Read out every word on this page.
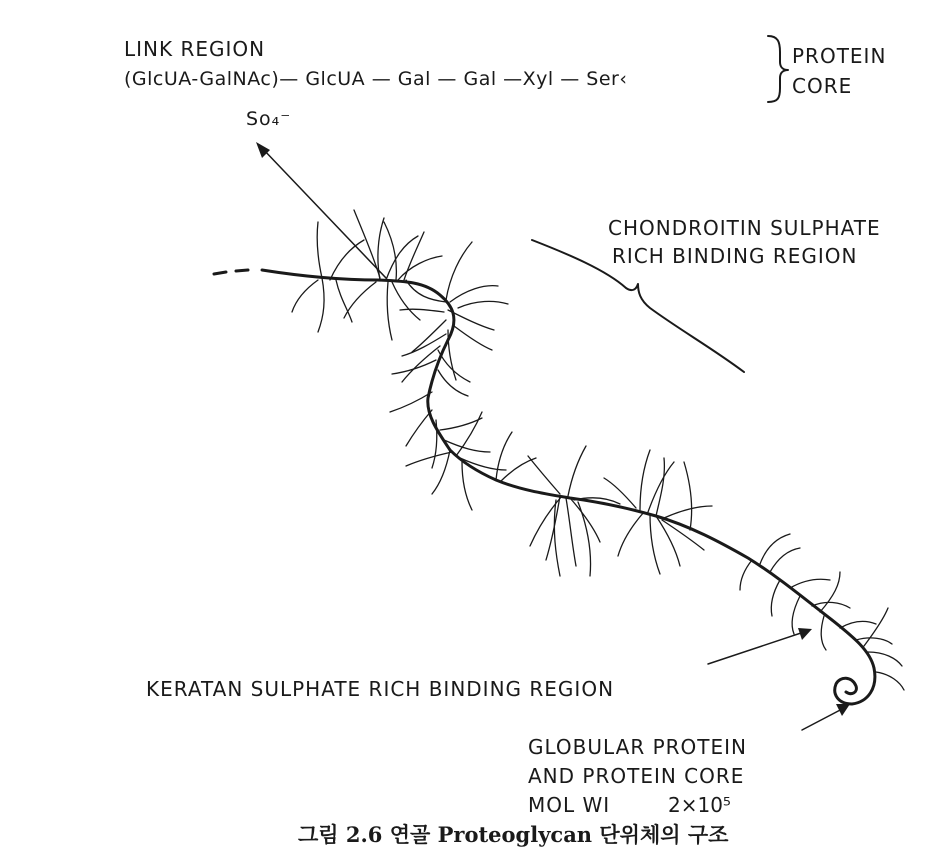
LINK REGION
(GlcUA-GalNAc)— GlcUA — Gal — Gal —Xyl — Ser‹
So₄⁻
PROTEIN
CORE
CHONDROITIN SULPHATE
RICH BINDING REGION
KERATAN SULPHATE RICH BINDING REGION
GLOBULAR PROTEIN
AND PROTEIN CORE
MOL WI	2×10⁵
그림 2.6 연골 Proteoglycan 단위체의 구조
